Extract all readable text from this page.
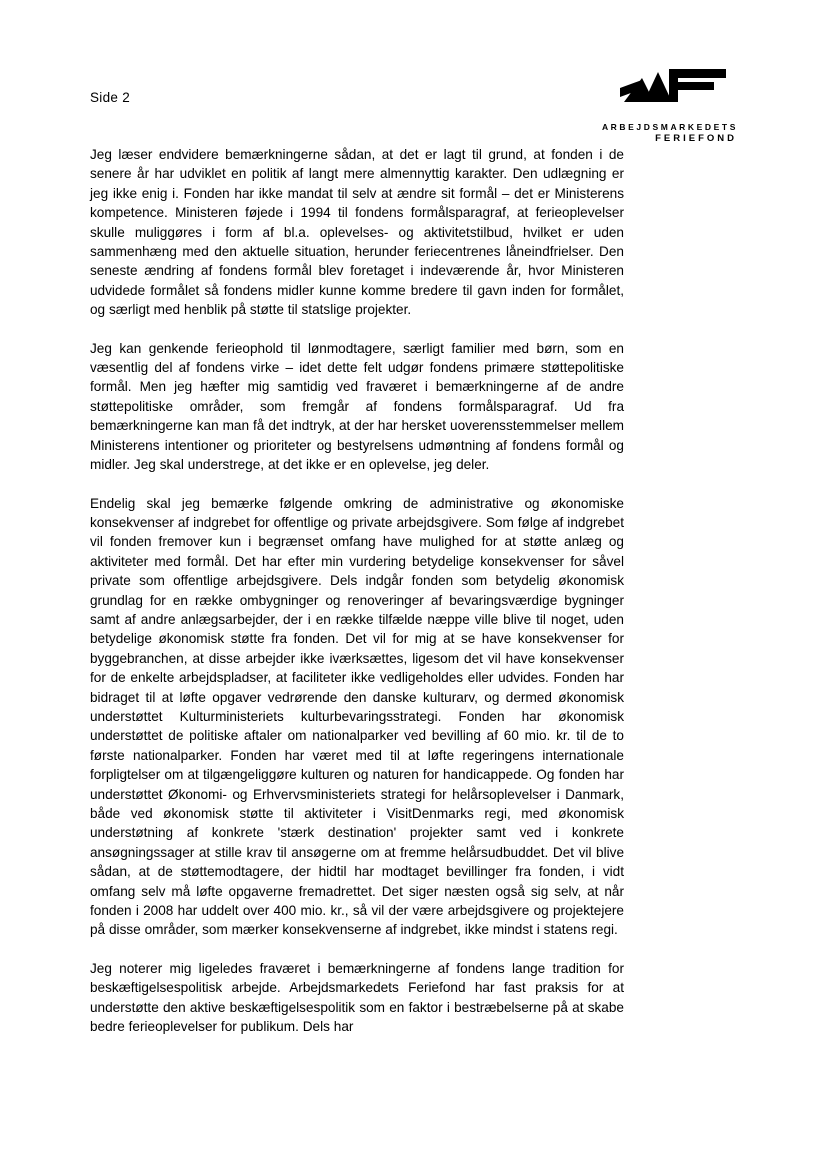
Side 2
ARBEJDSMARKEDETS
FERIEFOND

Jeg læser endvidere bemærkningerne sådan, at det er lagt til grund, at fonden i de senere år har udviklet en politik af langt mere almennyttig karakter. Den udlægning er jeg ikke enig i. Fonden har ikke mandat til selv at ændre sit formål – det er Ministerens kompetence. Ministeren føjede i 1994 til fondens formålsparagraf, at ferieoplevelser skulle muliggøres i form af bl.a. oplevelses- og aktivitetstilbud, hvilket er uden sammenhæng med den aktuelle situation, herunder feriecentrenes låneindfrielser. Den seneste ændring af fondens formål blev foretaget i indeværende år, hvor Ministeren udvidede formålet så fondens midler kunne komme bredere til gavn inden for formålet, og særligt med henblik på støtte til statslige projekter.

Jeg kan genkende ferieophold til lønmodtagere, særligt familier med børn, som en væsentlig del af fondens virke – idet dette felt udgør fondens primære støttepolitiske formål. Men jeg hæfter mig samtidig ved fraværet i bemærkningerne af de andre støttepolitiske områder, som fremgår af fondens formålsparagraf. Ud fra bemærkningerne kan man få det indtryk, at der har hersket uoverensstemmelser mellem Ministerens intentioner og prioriteter og bestyrelsens udmøntning af fondens formål og midler. Jeg skal understrege, at det ikke er en oplevelse, jeg deler.

Endelig skal jeg bemærke følgende omkring de administrative og økonomiske konsekvenser af indgrebet for offentlige og private arbejdsgivere. Som følge af indgrebet vil fonden fremover kun i begrænset omfang have mulighed for at støtte anlæg og aktiviteter med formål. Det har efter min vurdering betydelige konsekvenser for såvel private som offentlige arbejdsgivere. Dels indgår fonden som betydelig økonomisk grundlag for en række ombygninger og renoveringer af bevaringsværdige bygninger samt af andre anlægsarbejder, der i en række tilfælde næppe ville blive til noget, uden betydelige økonomisk støtte fra fonden. Det vil for mig at se have konsekvenser for byggebranchen, at disse arbejder ikke iværksættes, ligesom det vil have konsekvenser for de enkelte arbejdspladser, at faciliteter ikke vedligeholdes eller udvides. Fonden har bidraget til at løfte opgaver vedrørende den danske kulturarv, og dermed økonomisk understøttet Kulturministeriets kulturbevaringsstrategi. Fonden har økonomisk understøttet de politiske aftaler om nationalparker ved bevilling af 60 mio. kr. til de to første nationalparker. Fonden har været med til at løfte regeringens internationale forpligtelser om at tilgængeliggøre kulturen og naturen for handicappede. Og fonden har understøttet Økonomi- og Erhvervsministeriets strategi for helårsoplevelser i Danmark, både ved økonomisk støtte til aktiviteter i VisitDenmarks regi, med økonomisk understøtning af konkrete 'stærk destination' projekter samt ved i konkrete ansøgningssager at stille krav til ansøgerne om at fremme helårsudbuddet. Det vil blive sådan, at de støttemodtagere, der hidtil har modtaget bevillinger fra fonden, i vidt omfang selv må løfte opgaverne fremadrettet. Det siger næsten også sig selv, at når fonden i 2008 har uddelt over 400 mio. kr., så vil der være arbejdsgivere og projektejere på disse områder, som mærker konsekvenserne af indgrebet, ikke mindst i statens regi.

Jeg noterer mig ligeledes fraværet i bemærkningerne af fondens lange tradition for beskæftigelsespolitisk arbejde. Arbejdsmarkedets Feriefond har fast praksis for at understøtte den aktive beskæftigelsespolitik som en faktor i bestræbelserne på at skabe bedre ferieoplevelser for publikum. Dels har
